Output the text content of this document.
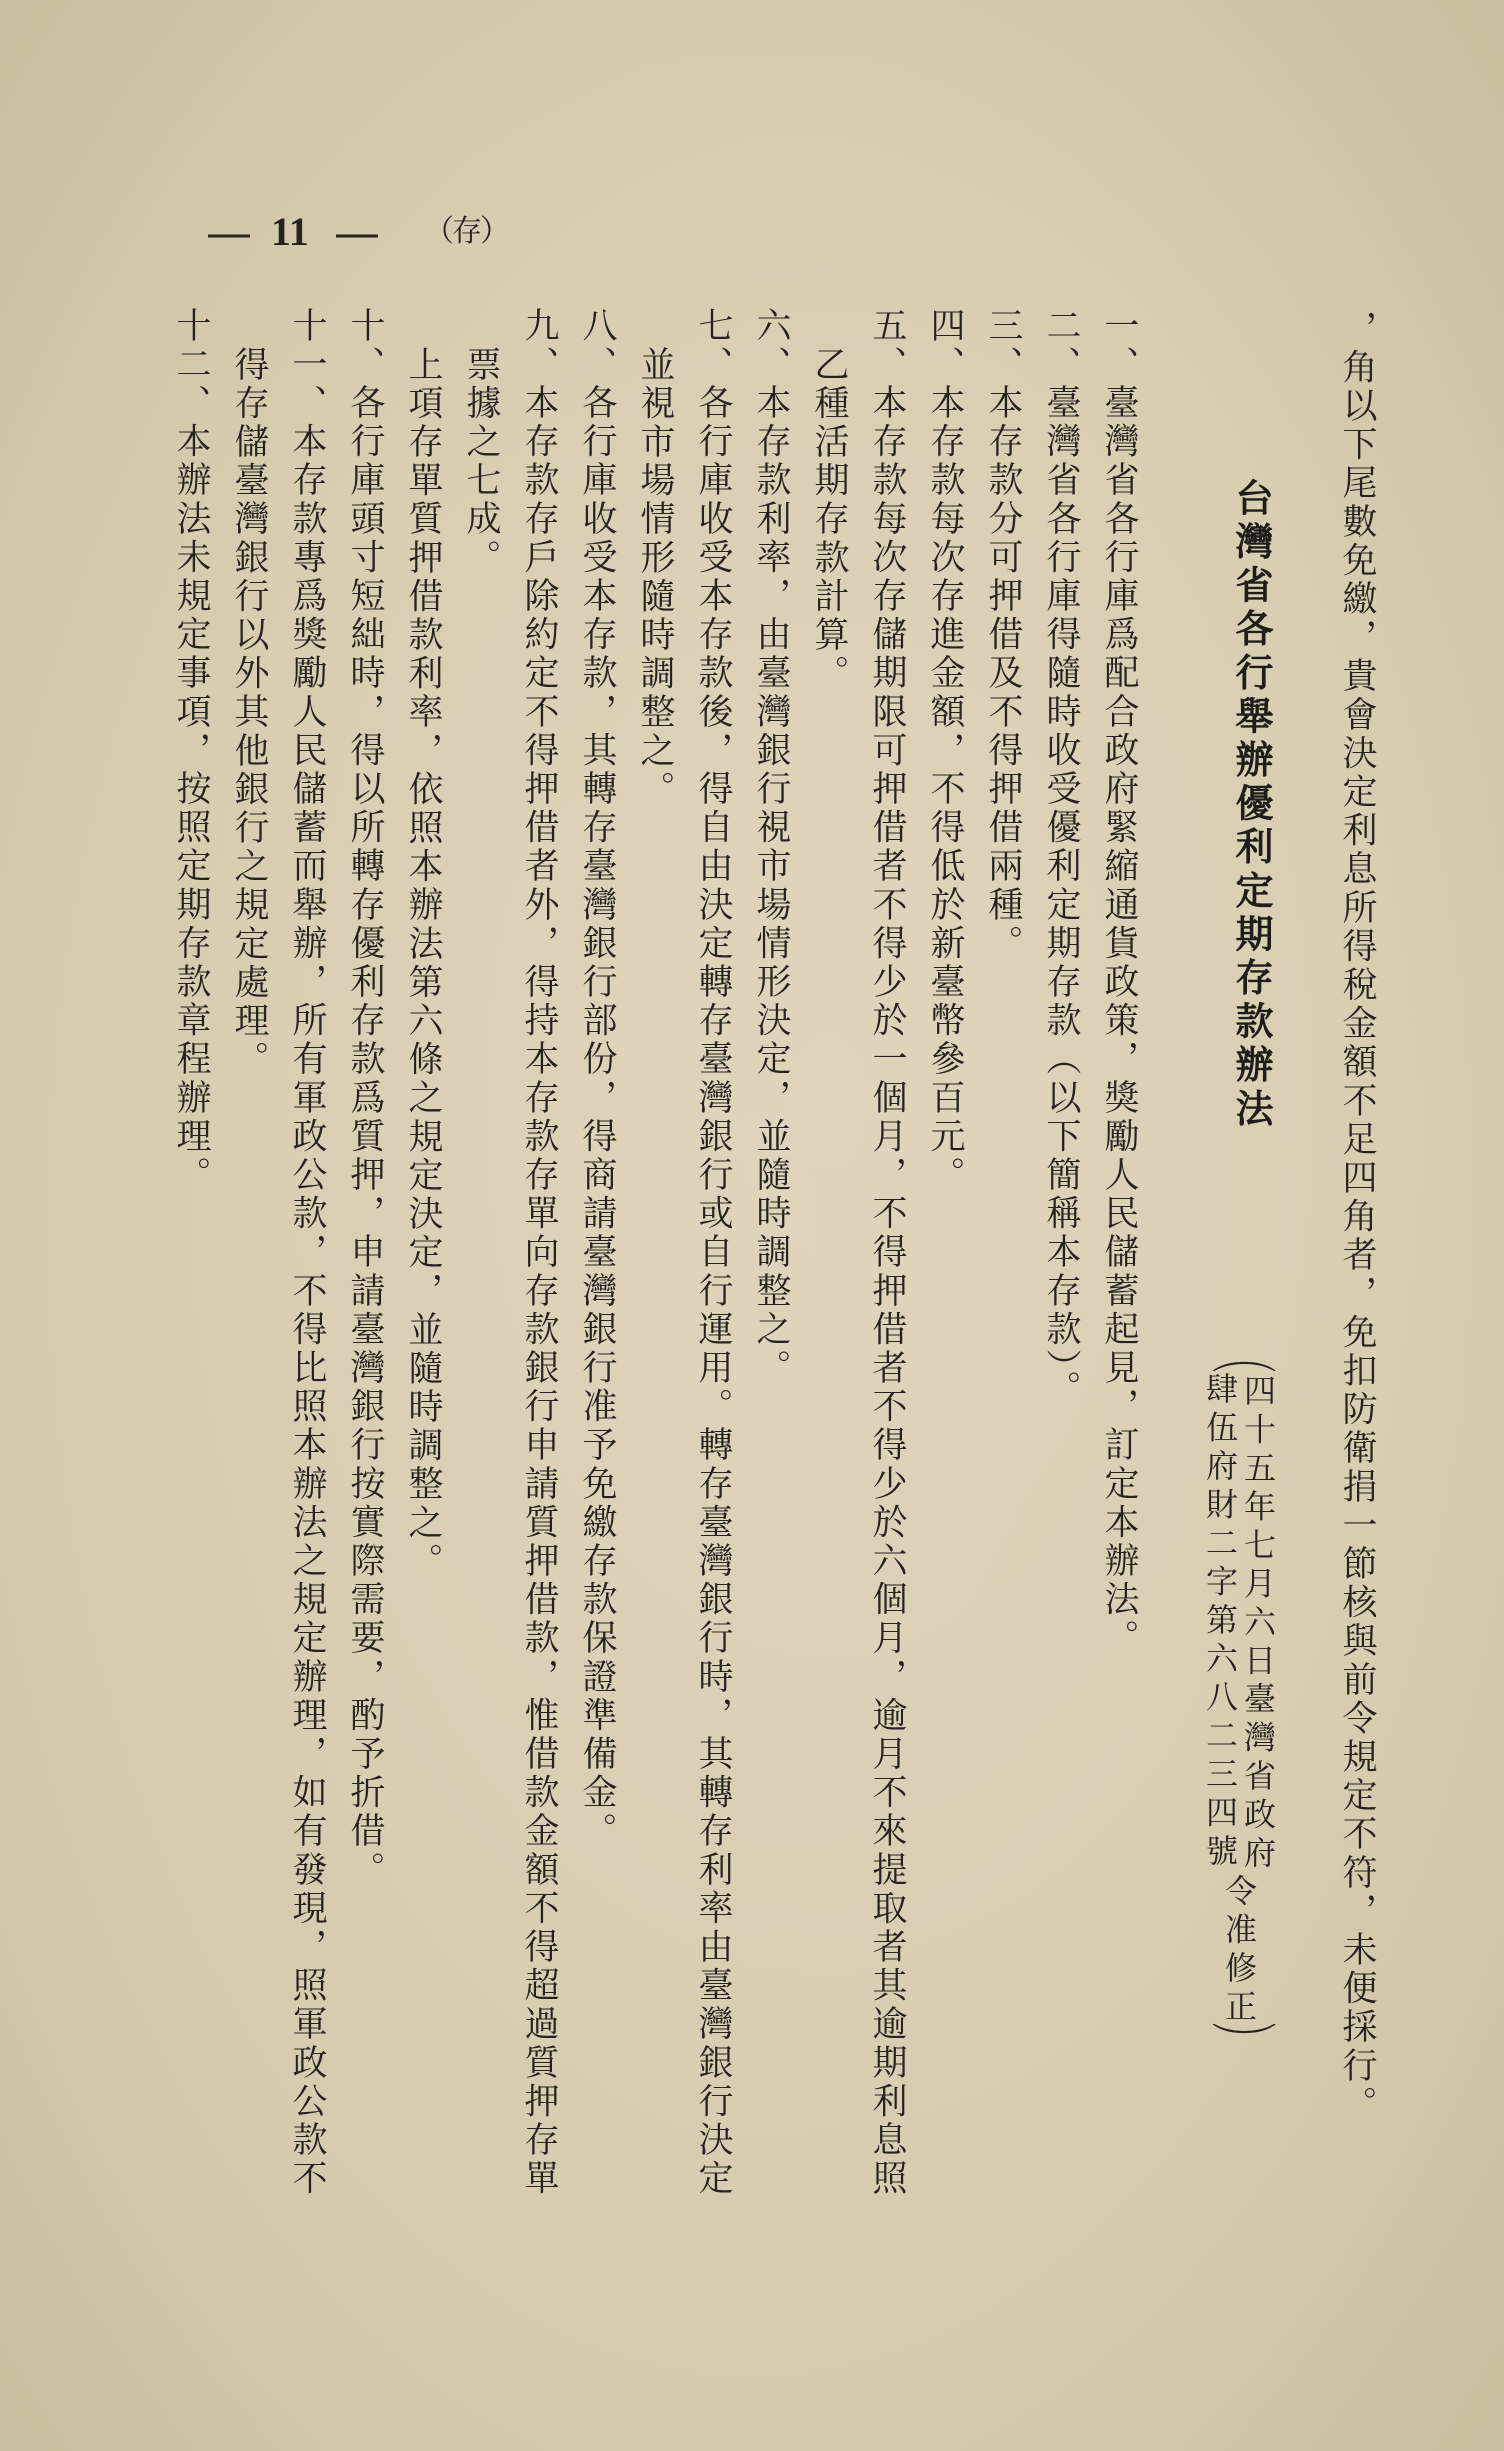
— 11 — （存）
，角以下尾數免繳，貴會決定利息所得稅金額不足四角者，免扣防衛捐一節核與前令規定不符，未便採行。
台灣省各行舉辦優利定期存款辦法
（
四十五年七月六日臺灣省政府
肆伍府財二字第六八二三四號
令准修正
）
一、臺灣省各行庫爲配合政府緊縮通貨政策，獎勵人民儲蓄起見，訂定本辦法。
二、臺灣省各行庫得隨時收受優利定期存款（以下簡稱本存款）。
三、本存款分可押借及不得押借兩種。
四、本存款每次存進金額，不得低於新臺幣參百元。
五、本存款每次存儲期限可押借者不得少於一個月，不得押借者不得少於六個月，逾月不來提取者其逾期利息照
乙種活期存款計算。
六、本存款利率，由臺灣銀行視市場情形決定，並隨時調整之。
七、各行庫收受本存款後，得自由決定轉存臺灣銀行或自行運用。轉存臺灣銀行時，其轉存利率由臺灣銀行決定
並視市場情形隨時調整之。
八、各行庫收受本存款，其轉存臺灣銀行部份，得商請臺灣銀行准予免繳存款保證準備金。
九、本存款存戶除約定不得押借者外，得持本存款存單向存款銀行申請質押借款，惟借款金額不得超過質押存單
票據之七成。
上項存單質押借款利率，依照本辦法第六條之規定決定，並隨時調整之。
十、各行庫頭寸短絀時，得以所轉存優利存款爲質押，申請臺灣銀行按實際需要，酌予折借。
十一、本存款專爲獎勵人民儲蓄而舉辦，所有軍政公款，不得比照本辦法之規定辦理，如有發現，照軍政公款不
得存儲臺灣銀行以外其他銀行之規定處理。
十二、本辦法未規定事項，按照定期存款章程辦理。
